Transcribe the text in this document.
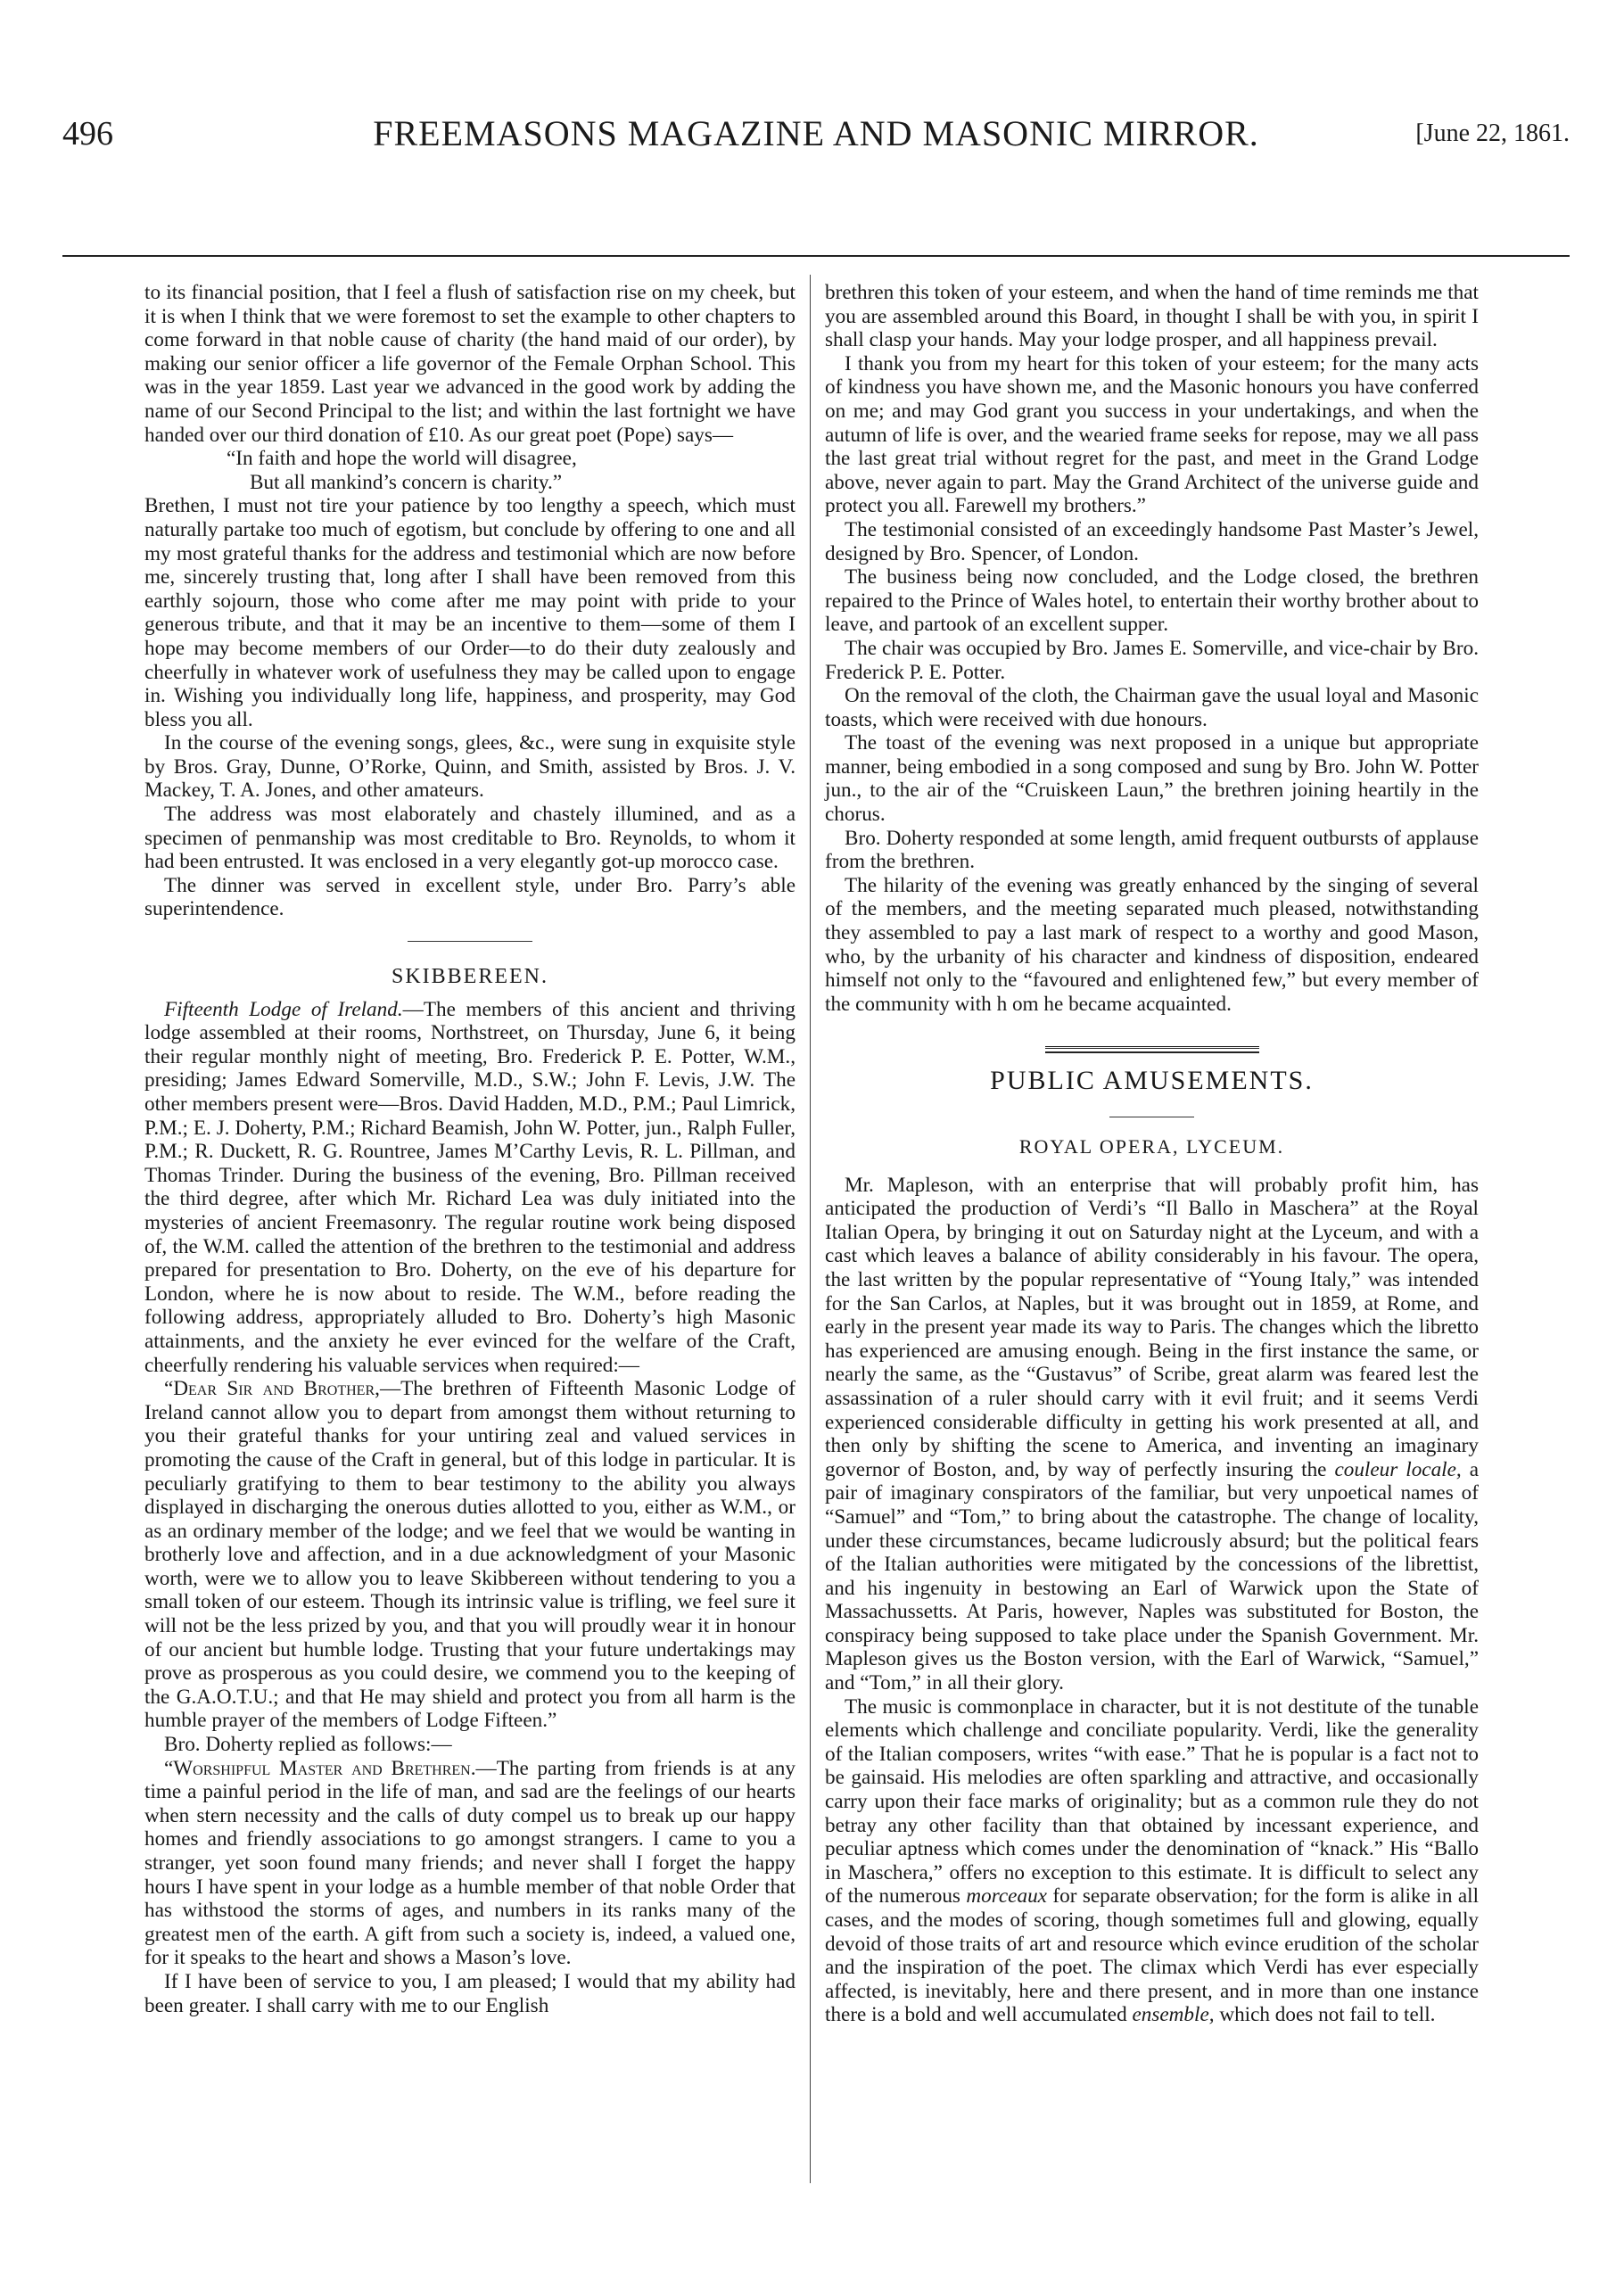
496	FREEMASONS MAGAZINE AND MASONIC MIRROR.	[June 22, 1861.

to its financial position, that I feel a flush of satisfaction rise on my cheek, but it is when I think that we were foremost to set the example to other chapters to come forward in that noble cause of charity (the hand maid of our order), by making our senior officer a life governor of the Female Orphan School. This was in the year 1859. Last year we advanced in the good work by adding the name of our Second Principal to the list; and within the last fortnight we have handed over our third donation of £10. As our great poet (Pope) says—

“In faith and hope the world will disagree,

But all mankind’s concern is charity.”

Brethen, I must not tire your patience by too lengthy a speech, which must naturally partake too much of egotism, but conclude by offering to one and all my most grateful thanks for the address and testimonial which are now before me, sincerely trusting that, long after I shall have been removed from this earthly sojourn, those who come after me may point with pride to your generous tribute, and that it may be an incentive to them—some of them I hope may become members of our Order—to do their duty zealously and cheerfully in whatever work of usefulness they may be called upon to engage in. Wishing you individually long life, happiness, and prosperity, may God bless you all.

In the course of the evening songs, glees, &c., were sung in exquisite style by Bros. Gray, Dunne, O’Rorke, Quinn, and Smith, assisted by Bros. J. V. Mackey, T. A. Jones, and other amateurs.

The address was most elaborately and chastely illumined, and as a specimen of penmanship was most creditable to Bro. Reynolds, to whom it had been entrusted. It was enclosed in a very elegantly got-up morocco case.

The dinner was served in excellent style, under Bro. Parry’s able superintendence.

SKIBBEREEN.

Fifteenth Lodge of Ireland.—The members of this ancient and thriving lodge assembled at their rooms, Northstreet, on Thursday, June 6, it being their regular monthly night of meeting, Bro. Frederick P. E. Potter, W.M., presiding; James Edward Somerville, M.D., S.W.; John F. Levis, J.W. The other members present were—Bros. David Hadden, M.D., P.M.; Paul Limrick, P.M.; E. J. Doherty, P.M.; Richard Beamish, John W. Potter, jun., Ralph Fuller, P.M.; R. Duckett, R. G. Rountree, James M’Carthy Levis, R. L. Pillman, and Thomas Trinder. During the business of the evening, Bro. Pillman received the third degree, after which Mr. Richard Lea was duly initiated into the mysteries of ancient Freemasonry. The regular routine work being disposed of, the W.M. called the attention of the brethren to the testimonial and address prepared for presentation to Bro. Doherty, on the eve of his departure for London, where he is now about to reside. The W.M., before reading the following address, appropriately alluded to Bro. Doherty’s high Masonic attainments, and the anxiety he ever evinced for the welfare of the Craft, cheerfully rendering his valuable services when required:—

“Dear Sir and Brother,—The brethren of Fifteenth Masonic Lodge of Ireland cannot allow you to depart from amongst them without returning to you their grateful thanks for your untiring zeal and valued services in promoting the cause of the Craft in general, but of this lodge in particular. It is peculiarly gratifying to them to bear testimony to the ability you always displayed in discharging the onerous duties allotted to you, either as W.M., or as an ordinary member of the lodge; and we feel that we would be wanting in brotherly love and affection, and in a due acknowledgment of your Masonic worth, were we to allow you to leave Skibbereen without tendering to you a small token of our esteem. Though its intrinsic value is trifling, we feel sure it will not be the less prized by you, and that you will proudly wear it in honour of our ancient but humble lodge. Trusting that your future undertakings may prove as prosperous as you could desire, we commend you to the keeping of the G.A.O.T.U.; and that He may shield and protect you from all harm is the humble prayer of the members of Lodge Fifteen.”

Bro. Doherty replied as follows:—

“Worshipful Master and Brethren.—The parting from friends is at any time a painful period in the life of man, and sad are the feelings of our hearts when stern necessity and the calls of duty compel us to break up our happy homes and friendly associations to go amongst strangers. I came to you a stranger, yet soon found many friends; and never shall I forget the happy hours I have spent in your lodge as a humble member of that noble Order that has withstood the storms of ages, and numbers in its ranks many of the greatest men of the earth. A gift from such a society is, indeed, a valued one, for it speaks to the heart and shows a Mason’s love.

If I have been of service to you, I am pleased; I would that my ability had been greater. I shall carry with me to our English

brethren this token of your esteem, and when the hand of time reminds me that you are assembled around this Board, in thought I shall be with you, in spirit I shall clasp your hands. May your lodge prosper, and all happiness prevail.

I thank you from my heart for this token of your esteem; for the many acts of kindness you have shown me, and the Masonic honours you have conferred on me; and may God grant you success in your undertakings, and when the autumn of life is over, and the wearied frame seeks for repose, may we all pass the last great trial without regret for the past, and meet in the Grand Lodge above, never again to part. May the Grand Architect of the universe guide and protect you all. Farewell my brothers.”

The testimonial consisted of an exceedingly handsome Past Master’s Jewel, designed by Bro. Spencer, of London.

The business being now concluded, and the Lodge closed, the brethren repaired to the Prince of Wales hotel, to entertain their worthy brother about to leave, and partook of an excellent supper.

The chair was occupied by Bro. James E. Somerville, and vice-chair by Bro. Frederick P. E. Potter.

On the removal of the cloth, the Chairman gave the usual loyal and Masonic toasts, which were received with due honours.

The toast of the evening was next proposed in a unique but appropriate manner, being embodied in a song composed and sung by Bro. John W. Potter jun., to the air of the “Cruiskeen Laun,” the brethren joining heartily in the chorus.

Bro. Doherty responded at some length, amid frequent outbursts of applause from the brethren.

The hilarity of the evening was greatly enhanced by the singing of several of the members, and the meeting separated much pleased, notwithstanding they assembled to pay a last mark of respect to a worthy and good Mason, who, by the urbanity of his character and kindness of disposition, endeared himself not only to the “favoured and enlightened few,” but every member of the community with h om he became acquainted.

PUBLIC AMUSEMENTS.
ROYAL OPERA, LYCEUM.

Mr. Mapleson, with an enterprise that will probably profit him, has anticipated the production of Verdi’s “Il Ballo in Maschera” at the Royal Italian Opera, by bringing it out on Saturday night at the Lyceum, and with a cast which leaves a balance of ability considerably in his favour. The opera, the last written by the popular representative of “Young Italy,” was intended for the San Carlos, at Naples, but it was brought out in 1859, at Rome, and early in the present year made its way to Paris. The changes which the libretto has experienced are amusing enough. Being in the first instance the same, or nearly the same, as the “Gustavus” of Scribe, great alarm was feared lest the assassination of a ruler should carry with it evil fruit; and it seems Verdi experienced considerable difficulty in getting his work presented at all, and then only by shifting the scene to America, and inventing an imaginary governor of Boston, and, by way of perfectly insuring the couleur locale, a pair of imaginary conspirators of the familiar, but very unpoetical names of “Samuel” and “Tom,” to bring about the catastrophe. The change of locality, under these circumstances, became ludicrously absurd; but the political fears of the Italian authorities were mitigated by the concessions of the librettist, and his ingenuity in bestowing an Earl of Warwick upon the State of Massachussetts. At Paris, however, Naples was substituted for Boston, the conspiracy being supposed to take place under the Spanish Government. Mr. Mapleson gives us the Boston version, with the Earl of Warwick, “Samuel,” and “Tom,” in all their glory.

The music is commonplace in character, but it is not destitute of the tunable elements which challenge and conciliate popularity. Verdi, like the generality of the Italian composers, writes “with ease.” That he is popular is a fact not to be gainsaid. His melodies are often sparkling and attractive, and occasionally carry upon their face marks of originality; but as a common rule they do not betray any other facility than that obtained by incessant experience, and peculiar aptness which comes under the denomination of “knack.” His “Ballo in Maschera,” offers no exception to this estimate. It is difficult to select any of the numerous morceaux for separate observation; for the form is alike in all cases, and the modes of scoring, though sometimes full and glowing, equally devoid of those traits of art and resource which evince erudition of the scholar and the inspiration of the poet. The climax which Verdi has ever especially affected, is inevitably, here and there present, and in more than one instance there is a bold and well accumulated ensemble, which does not fail to tell.
